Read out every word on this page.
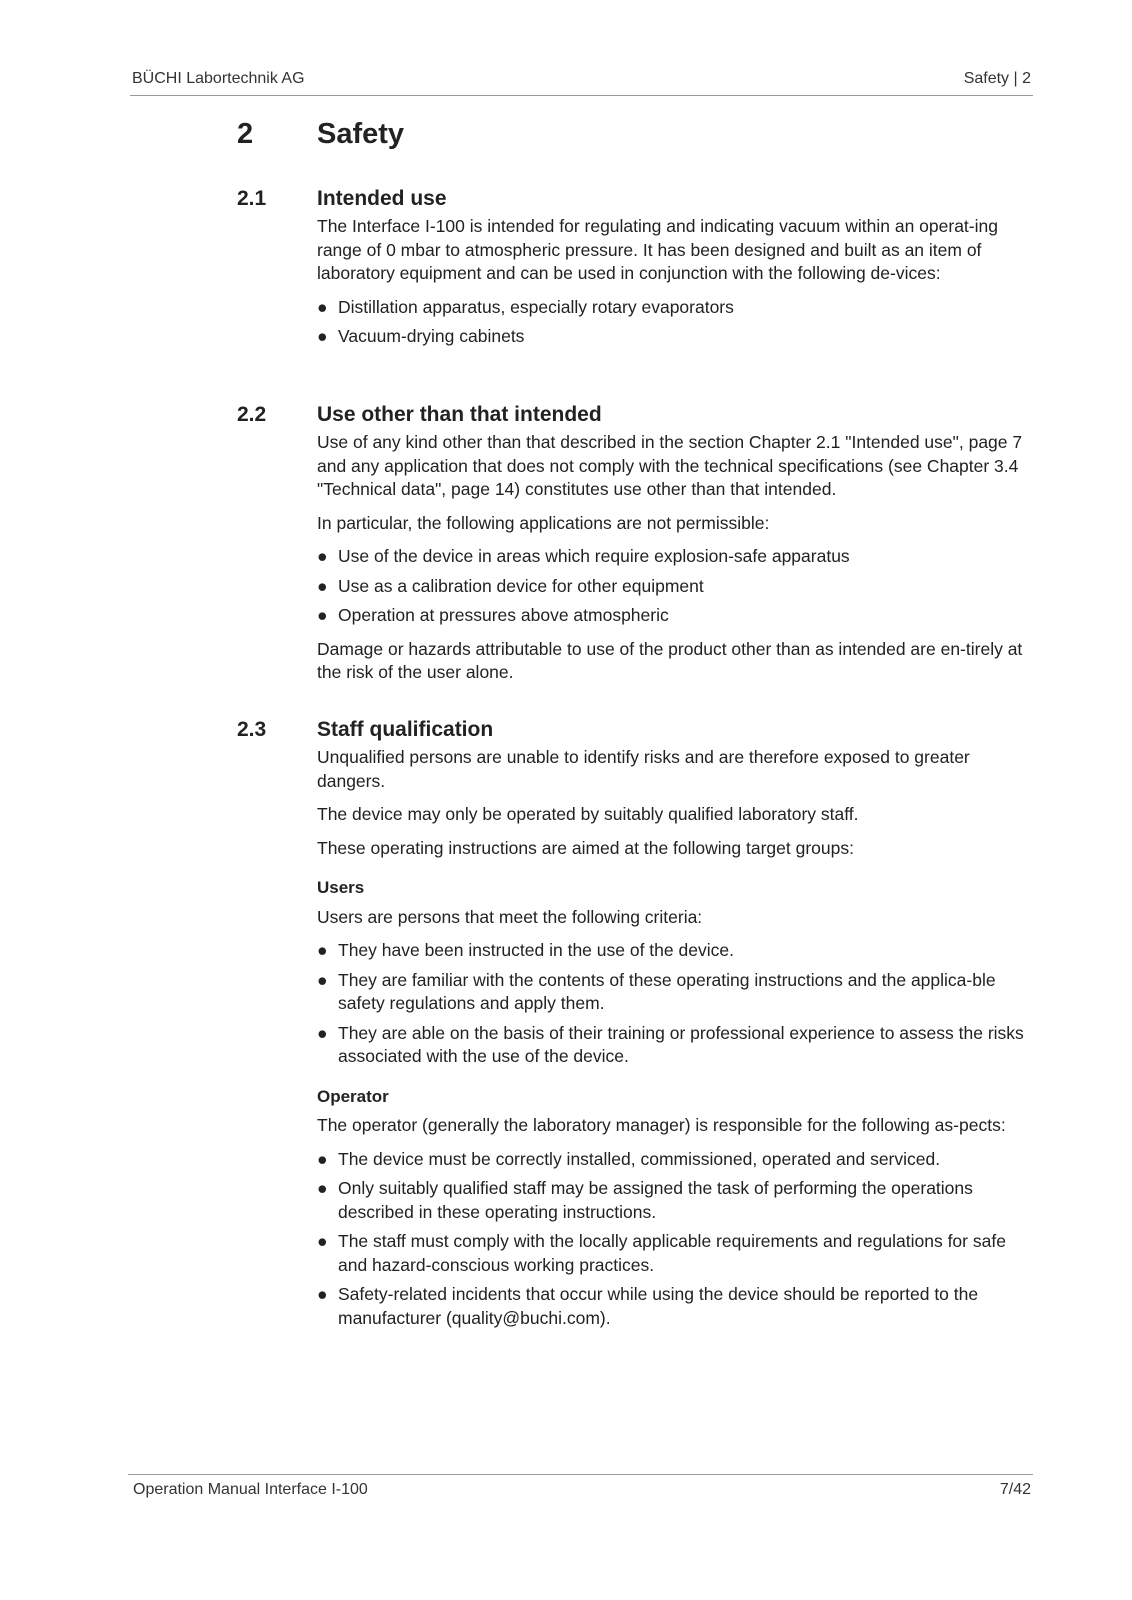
BÜCHI Labortechnik AG	Safety | 2
2 Safety
2.1 Intended use

The Interface I-100 is intended for regulating and indicating vacuum within an operat-ing range of 0 mbar to atmospheric pressure. It has been designed and built as an item of laboratory equipment and can be used in conjunction with the following de-vices:

● Distillation apparatus, especially rotary evaporators
● Vacuum-drying cabinets
2.2 Use other than that intended

Use of any kind other than that described in the section Chapter 2.1 "Intended use", page 7 and any application that does not comply with the technical specifications (see Chapter 3.4 "Technical data", page 14) constitutes use other than that intended.

In particular, the following applications are not permissible:

● Use of the device in areas which require explosion-safe apparatus
● Use as a calibration device for other equipment
● Operation at pressures above atmospheric

Damage or hazards attributable to use of the product other than as intended are en-tirely at the risk of the user alone.

2.3 Staff qualification

Unqualified persons are unable to identify risks and are therefore exposed to greater dangers.

The device may only be operated by suitably qualified laboratory staff.

These operating instructions are aimed at the following target groups:

Users

Users are persons that meet the following criteria:

● They have been instructed in the use of the device.
● They are familiar with the contents of these operating instructions and the applica-ble safety regulations and apply them.
● They are able on the basis of their training or professional experience to assess the risks associated with the use of the device.
Operator

The operator (generally the laboratory manager) is responsible for the following as-pects:

● The device must be correctly installed, commissioned, operated and serviced.
● Only suitably qualified staff may be assigned the task of performing the operations described in these operating instructions.
● The staff must comply with the locally applicable requirements and regulations for safe and hazard-conscious working practices.
● Safety-related incidents that occur while using the device should be reported to the manufacturer (quality@buchi.com).
Operation Manual Interface I-100	7/42
